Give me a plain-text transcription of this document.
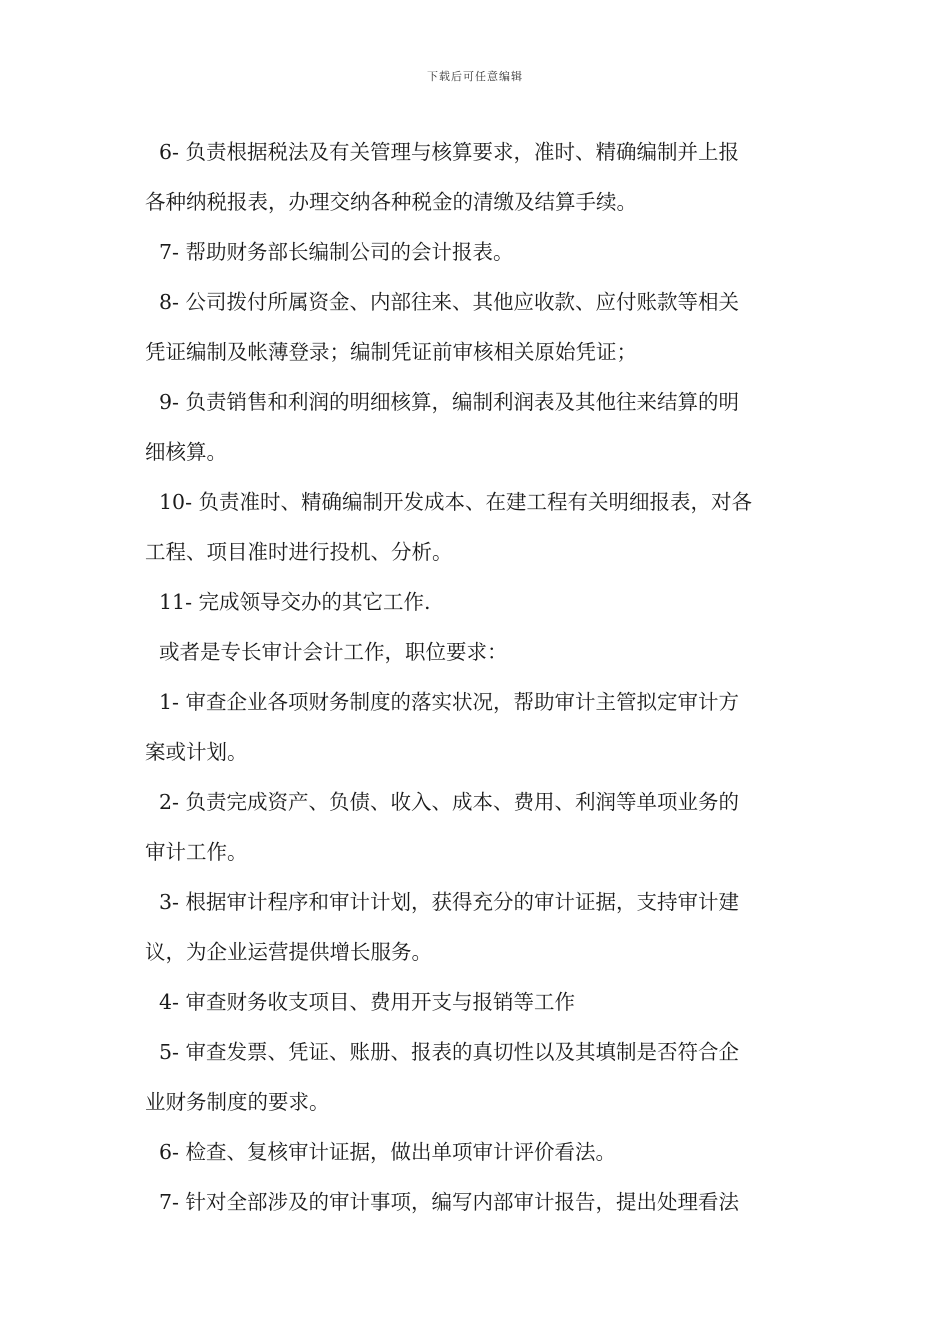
下载后可任意编辑

6- 负责根据税法及有关管理与核算要求，准时、精确编制并上报

各种纳税报表，办理交纳各种税金的清缴及结算手续。

7- 帮助财务部长编制公司的会计报表。

8- 公司拨付所属资金、内部往来、其他应收款、应付账款等相关

凭证编制及帐薄登录；编制凭证前审核相关原始凭证；

9- 负责销售和利润的明细核算，编制利润表及其他往来结算的明

细核算。

10- 负责准时、精确编制开发成本、在建工程有关明细报表，对各

工程、项目准时进行投机、分析。

11- 完成领导交办的其它工作.

或者是专长审计会计工作，职位要求：

1- 审查企业各项财务制度的落实状况，帮助审计主管拟定审计方

案或计划。

2- 负责完成资产、负债、收入、成本、费用、利润等单项业务的

审计工作。

3- 根据审计程序和审计计划，获得充分的审计证据，支持审计建

议，为企业运营提供增长服务。

4- 审查财务收支项目、费用开支与报销等工作

5- 审查发票、凭证、账册、报表的真切性以及其填制是否符合企

业财务制度的要求。

6- 检查、复核审计证据，做出单项审计评价看法。

7- 针对全部涉及的审计事项，编写内部审计报告，提出处理看法
